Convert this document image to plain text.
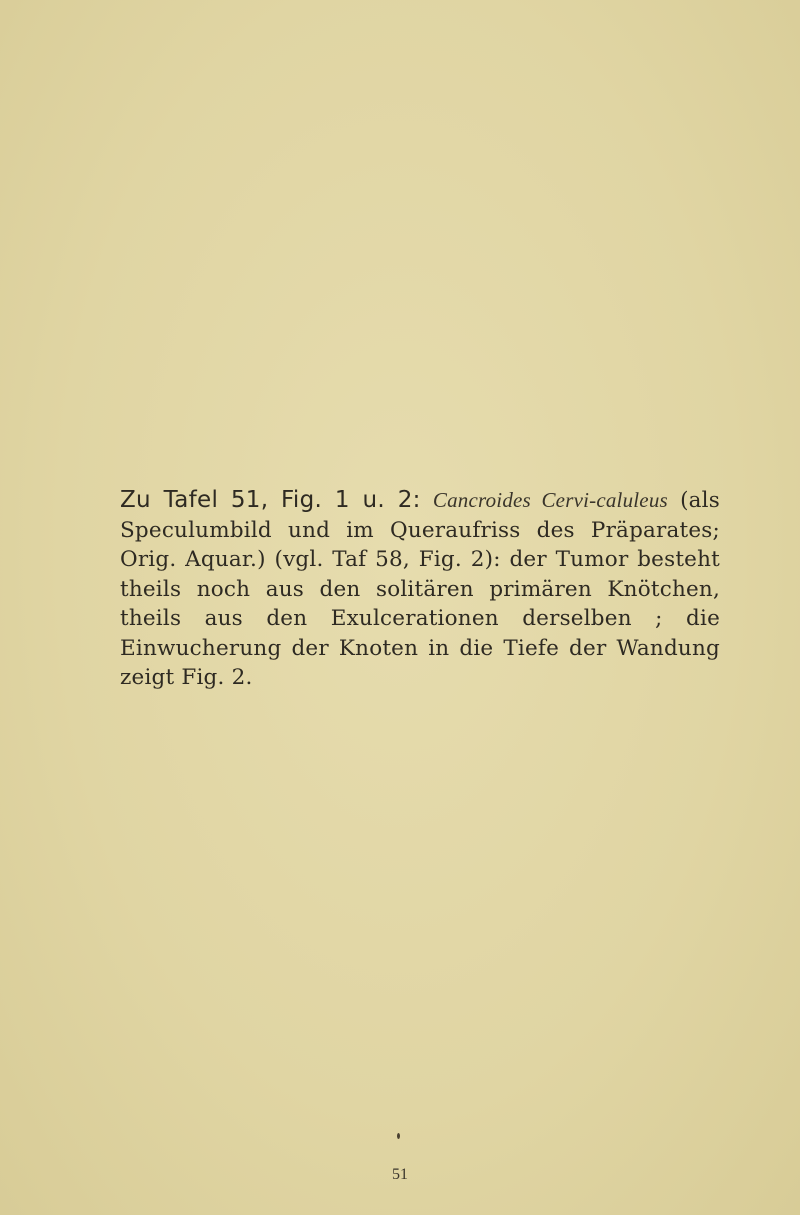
Zu Tafel 51, Fig. 1 u. 2: Cancroides Cervi-caluleus (als Speculumbild und im Queraufriss des Präparates; Orig. Aquar.) (vgl. Taf 58, Fig. 2): der Tumor besteht theils noch aus den solitären primären Knötchen, theils aus den Exulcerationen derselben ; die Einwucherung der Knoten in die Tiefe der Wandung zeigt Fig. 2.

51
